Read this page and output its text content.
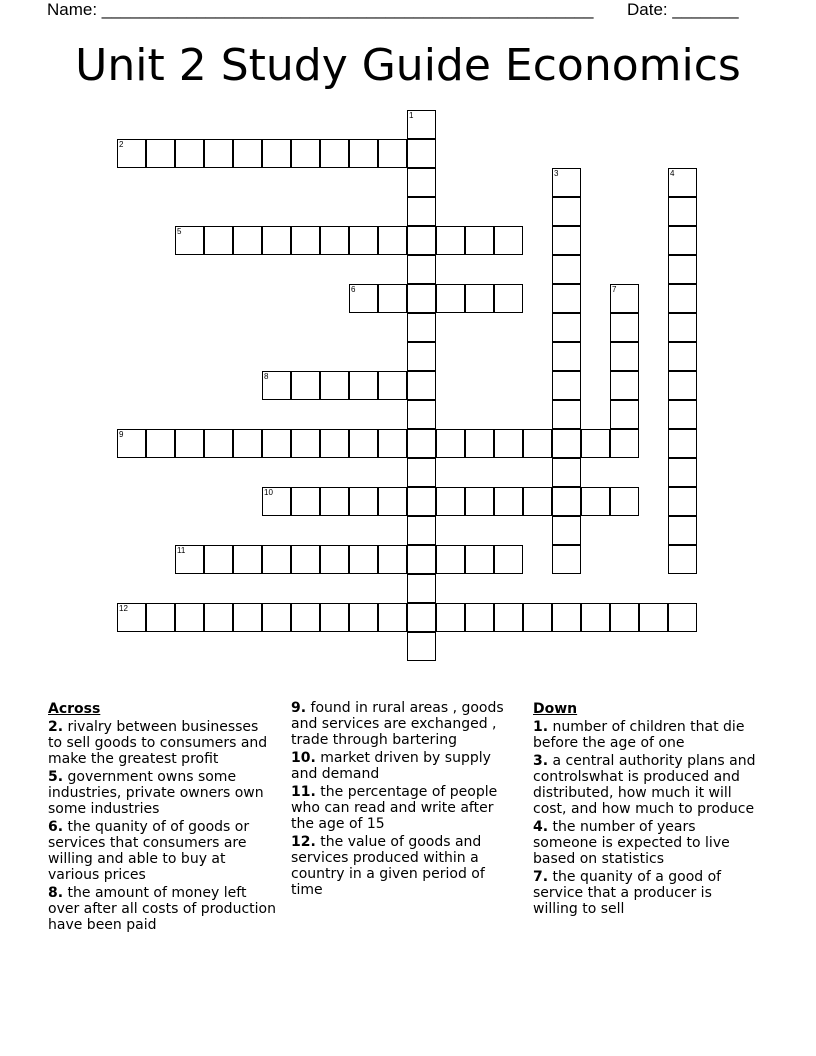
Name: ____________________________________________________ Date: _______
Unit 2 Study Guide Economics
2
5
6
8
9
10
11
12
1
3	4
7
Across
2. rivalry between businesses to sell goods to consumers and make the greatest profit
5. government owns some industries, private owners own some industries
6. the quanity of of goods or services that consumers are willing and able to buy at various prices
8. the amount of money left over after all costs of production have been paid
9. found in rural areas , goods and services are exchanged , trade through bartering
10. market driven by supply and demand
11. the percentage of people who can read and write after the age of 15
12. the value of goods and services produced within a country in a given period of time
Down
1. number of children that die before the age of one
3. a central authority plans and controlswhat is produced and distributed, how much it will cost, and how much to produce
4. the number of years someone is expected to live based on statistics
7. the quanity of a good of service that a producer is willing to sell
